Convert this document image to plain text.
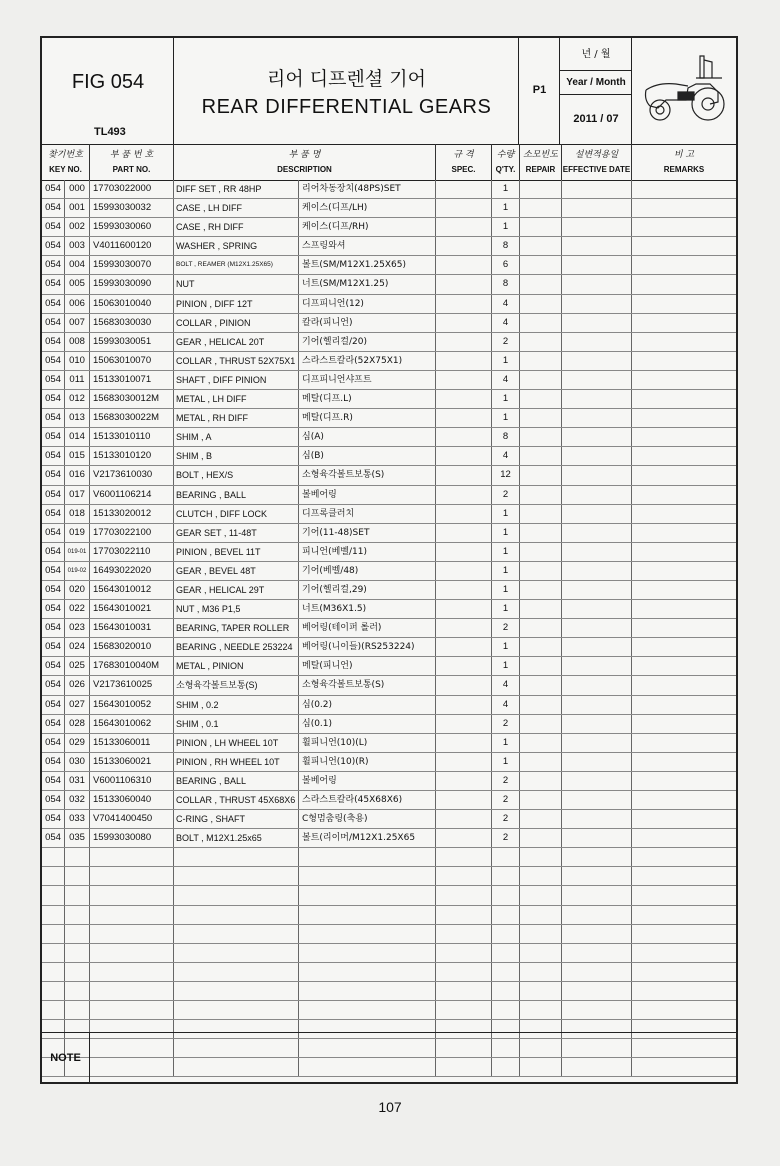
FIG 054
TL493
리어 디프렌셜 기어
REAR DIFFERENTIAL GEARS
P1
년 / 월
Year / Month
2011 / 07
찾기번호
KEY NO.
부 품 번 호
PART NO.
부 품 명
DESCRIPTION
규 격
SPEC.
수량
Q'TY.
소모빈도
REPAIR
설변적용일
EFFECTIVE DATE
비 고
REMARKS
054 000 17703022000	DIFF SET , RR 48HP	리어차동장치(48PS)SET	1
054 001 15993030032	CASE , LH DIFF	케이스(디프/LH)	1
054 002 15993030060	CASE , RH DIFF	케이스(디프/RH)	1
054 003 V4011600120	WASHER , SPRING	스프링와셔	8
054 004 15993030070	BOLT , REAMER (M12X1.25X65)	볼트(SM/M12X1.25X65)	6
054 005 15993030090	NUT	너트(SM/M12X1.25)	8
054 006 15063010040	PINION , DIFF 12T	디프피니언(12)	4
054 007 15683030030	COLLAR , PINION	칼라(피니언)	4
054 008 15993030051	GEAR , HELICAL 20T	기어(헬리컬/20)	2
054 010 15063010070	COLLAR , THRUST 52X75X1 스라스트칼라(52X75X1)	1
054 011 15133010071	SHAFT , DIFF PINION	디프피니언샤프트	4
054 012 15683030012M	METAL , LH DIFF	메탈(디프.L)	1
054 013 15683030022M	METAL , RH DIFF	메탈(디프.R)	1
054 014 15133010110	SHIM , A	심(A)	8
054 015 15133010120	SHIM , B	심(B)	4
054 016 V2173610030	BOLT , HEX/S	소형육각볼트보통(S)	12
054 017 V6001106214	BEARING , BALL	볼베어링	2
054 018 15133020012	CLUTCH , DIFF LOCK	디프록클러치	1
054 019 17703022100	GEAR SET , 11-48T	기어(11-48)SET	1
054	019-01 17703022110	PINION , BEVEL 11T	피니언(베벨/11)	1
054	019-02 16493022020	GEAR , BEVEL 48T	기어(베벨/48)	1
054 020 15643010012	GEAR , HELICAL 29T	기어(헬리컬,29)	1
054 022 15643010021	NUT , M36 P1,5	너트(M36X1.5)	1
054 023 15643010031	BEARING, TAPER ROLLER	베어링(테이퍼 롤러)	2
054 024 15683020010	BEARING , NEEDLE 253224	베어링(니이들)(RS253224)	1
054 025 17683010040M	METAL , PINION	메탈(피니언)	1
054 026 V2173610025	소형육각볼트보통(S)	소형육각볼트보통(S)	4
054 027 15643010052	SHIM , 0.2	심(0.2)	4
054 028 15643010062	SHIM , 0.1	심(0.1)	2
054 029 15133060011	PINION , LH WHEEL 10T	휠피니언(10)(L)	1
054 030 15133060021	PINION , RH WHEEL 10T	휠피니언(10)(R)	1
054 031 V6001106310	BEARING , BALL	볼베어링	2
054 032 15133060040	COLLAR , THRUST 45X68X6 스라스트칼라(45X68X6)	2
054 033 V7041400450	C-RING , SHAFT	C형멈춤링(축용)	2
054 035 15993030080	BOLT , M12X1.25x65	볼트(리이머/M12X1.25X65	2
NOTE
107
